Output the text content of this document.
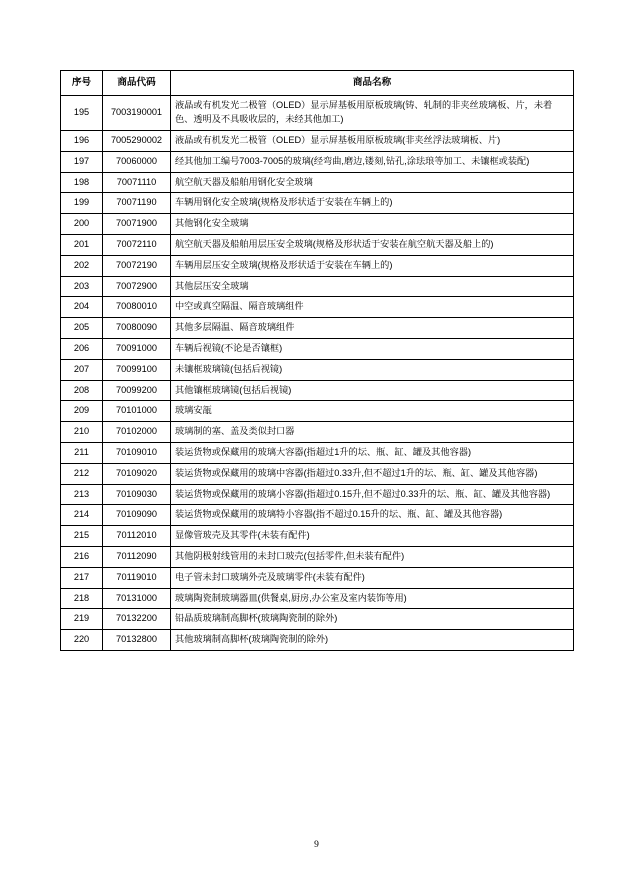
序号	商品代码	商品名称
195	7003190001	液晶或有机发光二极管（OLED）显示屏基板用原板玻璃(铸、轧制的非夹丝玻璃板、片，未着色、透明及不具吸收层的，未经其他加工)
196	7005290002	液晶或有机发光二极管（OLED）显示屏基板用原板玻璃(非夹丝浮法玻璃板、片)
197	70060000	经其他加工编号7003-7005的玻璃(经弯曲,磨边,镂刻,钻孔,涂珐琅等加工、未镶框或装配)
198	70071110	航空航天器及船舶用钢化安全玻璃
199	70071190	车辆用钢化安全玻璃(规格及形状适于安装在车辆上的)
200	70071900	其他钢化安全玻璃
201	70072110	航空航天器及船舶用层压安全玻璃(规格及形状适于安装在航空航天器及船上的)
202	70072190	车辆用层压安全玻璃(规格及形状适于安装在车辆上的)
203	70072900	其他层压安全玻璃
204	70080010	中空或真空隔温、隔音玻璃组件
205	70080090	其他多层隔温、隔音玻璃组件
206	70091000	车辆后视镜(不论是否镶框)
207	70099100	未镶框玻璃镜(包括后视镜)
208	70099200	其他镶框玻璃镜(包括后视镜)
209	70101000	玻璃安瓿
210	70102000	玻璃制的塞、盖及类似封口器
211	70109010	装运货物或保藏用的玻璃大容器(指超过1升的坛、瓶、缸、罐及其他容器)
212	70109020	装运货物或保藏用的玻璃中容器(指超过0.33升,但不超过1升的坛、瓶、缸、罐及其他容器)
213	70109030	装运货物或保藏用的玻璃小容器(指超过0.15升,但不超过0.33升的坛、瓶、缸、罐及其他容器)
214	70109090	装运货物或保藏用的玻璃特小容器(指不超过0.15升的坛、瓶、缸、罐及其他容器)
215	70112010	显像管玻壳及其零件(未装有配件)
216	70112090	其他阴极射线管用的未封口玻壳(包括零件,但未装有配件)
217	70119010	电子管未封口玻璃外壳及玻璃零件(未装有配件)
218	70131000	玻璃陶瓷制玻璃器皿(供餐桌,厨房,办公室及室内装饰等用)
219	70132200	铅晶质玻璃制高脚杯(玻璃陶瓷制的除外)
220	70132800	其他玻璃制高脚杯(玻璃陶瓷制的除外)
9
